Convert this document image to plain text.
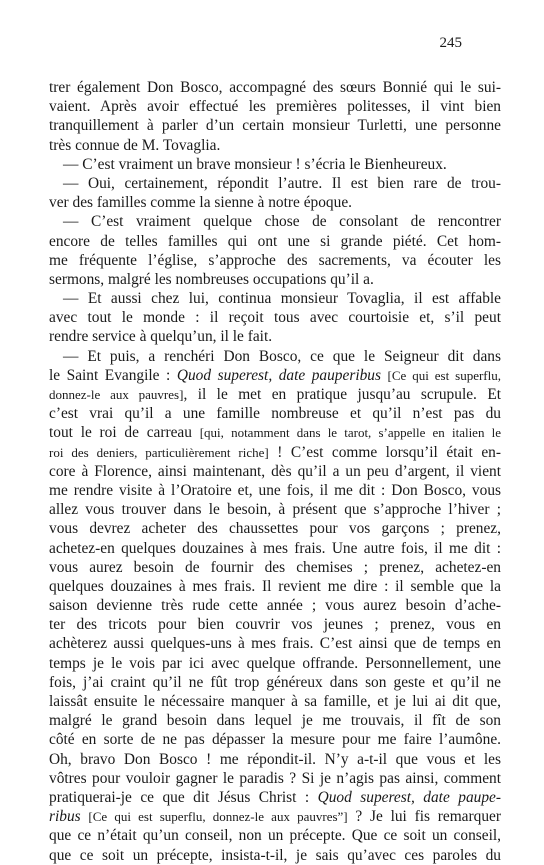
245
trer également Don Bosco, accompagné des sœurs Bonnié qui le sui-
vaient. Après avoir effectué les premières politesses, il vint bien
tranquillement à parler d’un certain monsieur Turletti, une personne
très connue de M. Tovaglia.
— C’est vraiment un brave monsieur ! s’écria le Bienheureux.
— Oui, certainement, répondit l’autre. Il est bien rare de trou-
ver des familles comme la sienne à notre époque.
— C’est vraiment quelque chose de consolant de rencontrer
encore de telles familles qui ont une si grande piété. Cet hom-
me fréquente l’église, s’approche des sacrements, va écouter les
sermons, malgré les nombreuses occupations qu’il a.
— Et aussi chez lui, continua monsieur Tovaglia, il est affable
avec tout le monde : il reçoit tous avec courtoisie et, s’il peut
rendre service à quelqu’un, il le fait.
— Et puis, a renchéri Don Bosco, ce que le Seigneur dit dans
le Saint Evangile : Quod superest, date pauperibus [Ce qui est superflu,
donnez-le aux pauvres], il le met en pratique jusqu’au scrupule. Et
c’est vrai qu’il a une famille nombreuse et qu’il n’est pas du
tout le roi de carreau [qui, notamment dans le tarot, s’appelle en italien le
roi des deniers, particulièrement riche] ! C’est comme lorsqu’il était en-
core à Florence, ainsi maintenant, dès qu’il a un peu d’argent, il vient
me rendre visite à l’Oratoire et, une fois, il me dit : Don Bosco, vous
allez vous trouver dans le besoin, à présent que s’approche l’hiver ;
vous devrez acheter des chaussettes pour vos garçons ; prenez,
achetez-en quelques douzaines à mes frais. Une autre fois, il me dit :
vous aurez besoin de fournir des chemises ; prenez, achetez-en
quelques douzaines à mes frais. Il revient me dire : il semble que la
saison devienne très rude cette année ; vous aurez besoin d’ache-
ter des tricots pour bien couvrir vos jeunes ; prenez, vous en
achèterez aussi quelques-uns à mes frais. C’est ainsi que de temps en
temps je le vois par ici avec quelque offrande. Personnellement, une
fois, j’ai craint qu’il ne fût trop généreux dans son geste et qu’il ne
laissât ensuite le nécessaire manquer à sa famille, et je lui ai dit que,
malgré le grand besoin dans lequel je me trouvais, il fît de son
côté en sorte de ne pas dépasser la mesure pour me faire l’aumône.
Oh, bravo Don Bosco ! me répondit-il. N’y a-t-il que vous et les
vôtres pour vouloir gagner le paradis ? Si je n’agis pas ainsi, comment
pratiquerai-je ce que dit Jésus Christ : Quod superest, date paupe-
ribus [Ce qui est superflu, donnez-le aux pauvres”] ? Je lui fis remarquer
que ce n’était qu’un conseil, non un précepte. Que ce soit un conseil,
que ce soit un précepte, insista-t-il, je sais qu’avec ces paroles du
